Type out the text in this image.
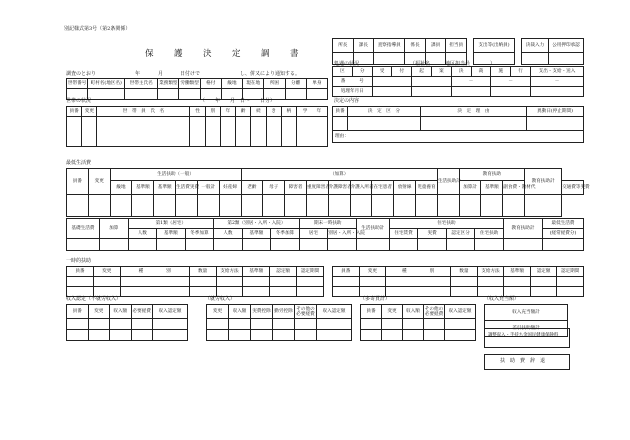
別記様式第3号（第2条関係）
保　護　決　定　調　書
所長	課長	査察指導員	係長	課員	担当員		支出等(出納員)		決裁入力	公用押印承認

調査のとおり	年	月	日付けで	し、併又により通知する。
処遇の状況	（福祉名　　　地区担当員　　　　）
世帯番号	町村名(地区名)	世帯主氏名	業務類型	労働類型	格付	級地	現在地	所困	分離	単身

区	分	受	付	起	案	決	裁	施	行	支出・支給・送入
番　　　号						－		－		－
処理年月日										
世帯の状況	（　　年　　月　日〜　　日分）
員番	変更	世　帯　員　氏　名	性	別	年	齢	続	き	柄	学　　年

決定の内容
員番	決　定　区　分	決　定　理　由	異動日(停止期間)

理由：			
最低生活費
員番	変更	生活扶助（一般）						（加算）									生活扶助計	教育扶助			教育扶助計	
		級地	基準額	基準額	生活費実費	一般計	妊産婦	老齢	母子	障害者	重度障害者	介護障害者	介護入所者	在宅患者	放射線	児童養育		加算計	基準額	副食費・教材代		交通費等実費

基礎生活費	加算	第1類（居宅）			第2類（別居・入所・入院）			期末一時扶助		生活扶助計	住宅扶助				教育扶助計	最低生活費
		人数	基準額	冬季加算	人数	基準額	冬季加算	居宅	別居・入所・入院		住宅賃貸	実費	認定区分	住宅扶助		(経常経費分)

一時的扶助
員番	変更	種　　　　　別	数量	支給方法	基準額	認定額	認定期間

								員番	変更	種　　　　　別	数量	支給方法	基準額	認定額	認定期間

収入認定（不就労収入）	（就労収入）	（多寄貢計）	（収入充当額）
員番	変更	収入額	必要経費	収入認定額

					変更	収入額	実費控除	勤労控除	その他の必要経費	収入認定額

						員番	変更	収入額	その他の必要経費	収入認定額

					収入充当額計
差引扶助額計
調整収入・手持ち金国民健康保険料
扶　助　費　辞　退
